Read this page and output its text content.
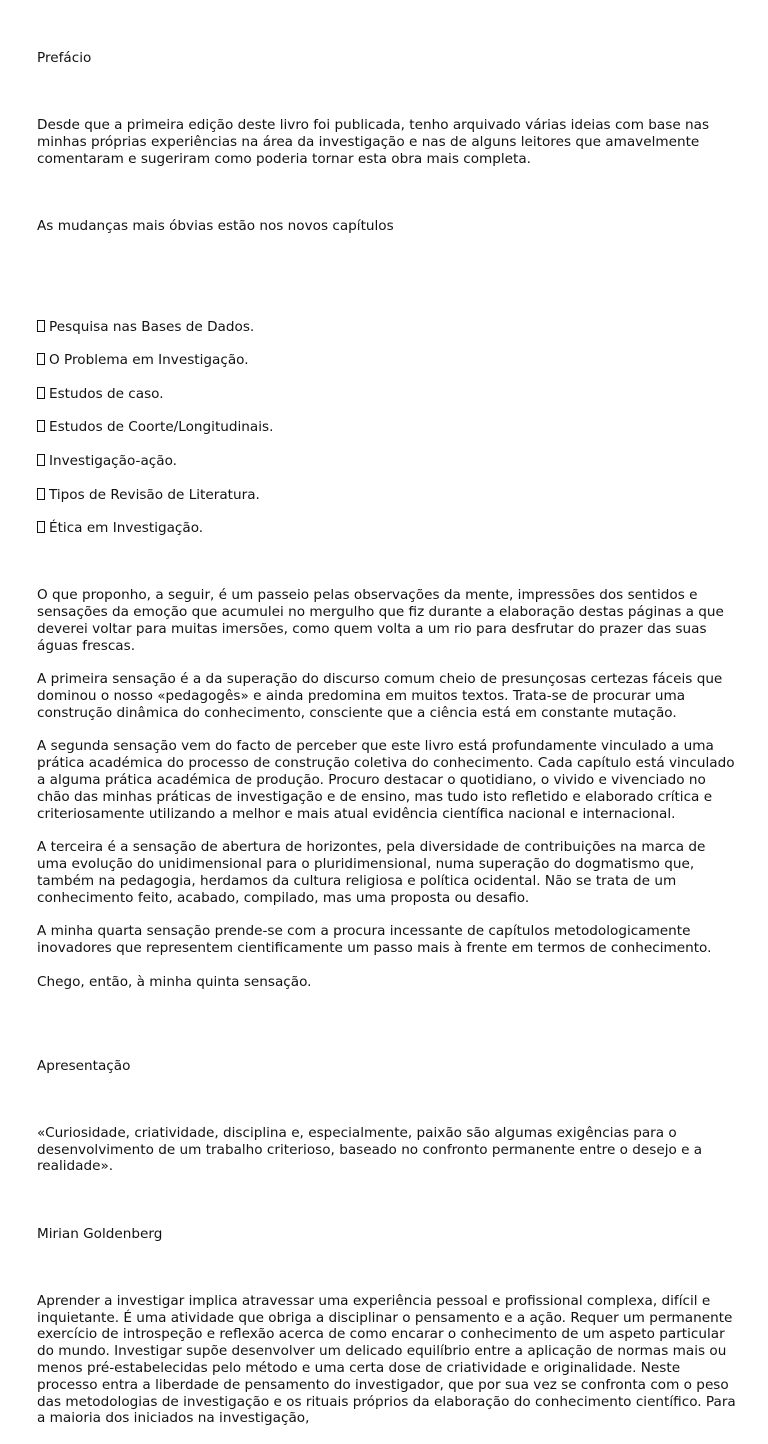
Prefácio

Desde que a primeira edição deste livro foi publicada, tenho arquivado várias ideias com base nas minhas próprias experiências na área da investigação e nas de alguns leitores que amavelmente comentaram e sugeriram como poderia tornar esta obra mais completa.

As mudanças mais óbvias estão nos novos capítulos

Pesquisa nas Bases de Dados.

O Problema em Investigação.

Estudos de caso.

Estudos de Coorte/Longitudinais.

Investigação-ação.

Tipos de Revisão de Literatura.

Ética em Investigação.

O que proponho, a seguir, é um passeio pelas observações da mente, impressões dos sentidos e sensações da emoção que acumulei no mergulho que fiz durante a elaboração destas páginas a que deverei voltar para muitas imersões, como quem volta a um rio para desfrutar do prazer das suas águas frescas.

A primeira sensação é a da superação do discurso comum cheio de presunçosas certezas fáceis que dominou o nosso «pedagogês» e ainda predomina em muitos textos. Trata-se de procurar uma construção dinâmica do conhecimento, consciente que a ciência está em constante mutação.

A segunda sensação vem do facto de perceber que este livro está profundamente vinculado a uma prática académica do processo de construção coletiva do conhecimento. Cada capítulo está vinculado a alguma prática académica de produção. Procuro destacar o quotidiano, o vivido e vivenciado no chão das minhas práticas de investigação e de ensino, mas tudo isto refletido e elaborado crítica e criteriosamente utilizando a melhor e mais atual evidência científica nacional e internacional.

A terceira é a sensação de abertura de horizontes, pela diversidade de contribuições na marca de uma evolução do unidimensional para o pluridimensional, numa superação do dogmatismo que, também na pedagogia, herdamos da cultura religiosa e política ocidental. Não se trata de um conhecimento feito, acabado, compilado, mas uma proposta ou desafio.

A minha quarta sensação prende-se com a procura incessante de capítulos metodologicamente inovadores que representem cientificamente um passo mais à frente em termos de conhecimento.

Chego, então, à minha quinta sensação.

Apresentação

«Curiosidade, criatividade, disciplina e, especialmente, paixão são algumas exigências para o desenvolvimento de um trabalho criterioso, baseado no confronto permanente entre o desejo e a realidade».

Mirian Goldenberg

Aprender a investigar implica atravessar uma experiência pessoal e profissional complexa, difícil e inquietante. É uma atividade que obriga a disciplinar o pensamento e a ação. Requer um permanente exercício de introspeção e reflexão acerca de como encarar o conhecimento de um aspeto particular do mundo. Investigar supõe desenvolver um delicado equilíbrio entre a aplicação de normas mais ou menos pré-estabelecidas pelo método e uma certa dose de criatividade e originalidade. Neste processo entra a liberdade de pensamento do investigador, que por sua vez se confronta com o peso das metodologias de investigação e os rituais próprios da elaboração do conhecimento científico. Para a maioria dos iniciados na investigação,
